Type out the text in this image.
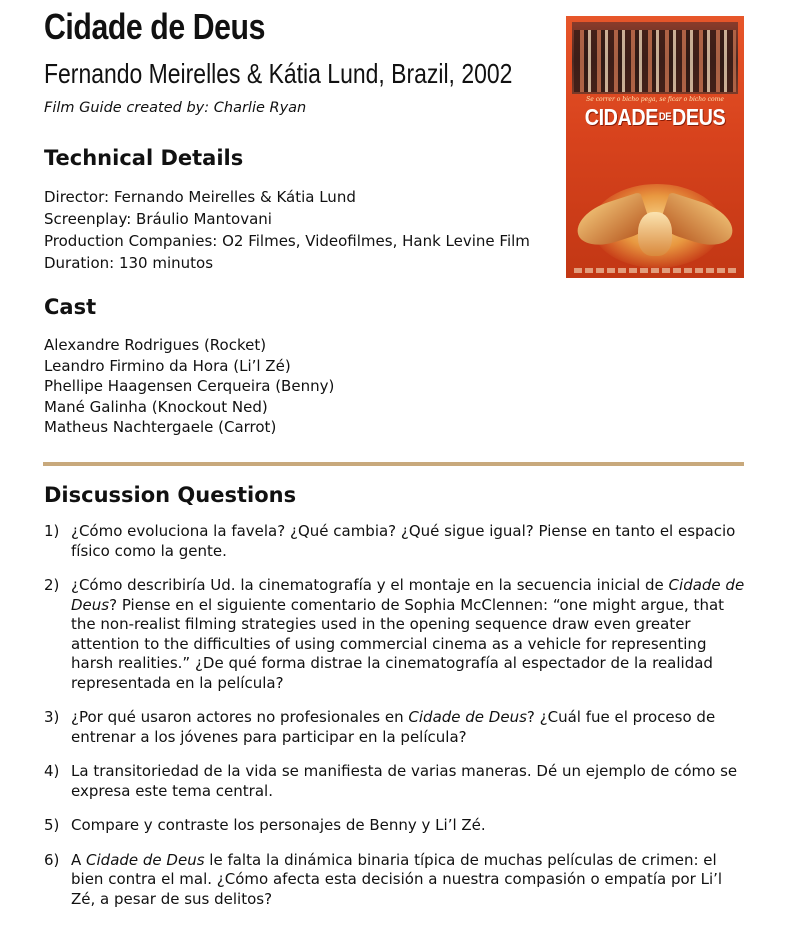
Cidade de Deus
Fernando Meirelles & Kátia Lund, Brazil, 2002
Film Guide created by: Charlie Ryan
Se correr o bicho pega, se ficar o bicho come
$CIDADE^{DE}DEUS$
Technical Details
Director: Fernando Meirelles & Kátia Lund
Screenplay: Bráulio Mantovani
Production Companies: O2 Filmes, Videofilmes, Hank Levine Film
Duration: 130 minutos
Cast
Alexandre Rodrigues (Rocket)
Leandro Firmino da Hora (Li’l Zé)
Phellipe Haagensen Cerqueira (Benny)
Mané Galinha (Knockout Ned)
Matheus Nachtergaele (Carrot)
Discussion Questions
1) ¿Cómo evoluciona la favela? ¿Qué cambia? ¿Qué sigue igual? Piense en tanto el espacio
físico como la gente.
2) ¿Cómo describiría Ud. la cinematografía y el montaje en la secuencia inicial de Cidade de
Deus? Piense en el siguiente comentario de Sophia McClennen: “one might argue, that
the non-realist filming strategies used in the opening sequence draw even greater
attention to the difficulties of using commercial cinema as a vehicle for representing
harsh realities.” ¿De qué forma distrae la cinematografía al espectador de la realidad
representada en la película?
3) ¿Por qué usaron actores no profesionales en Cidade de Deus? ¿Cuál fue el proceso de
entrenar a los jóvenes para participar en la película?
4) La transitoriedad de la vida se manifiesta de varias maneras. Dé un ejemplo de cómo se
expresa este tema central.
5) Compare y contraste los personajes de Benny y Li’l Zé.
6) A Cidade de Deus le falta la dinámica binaria típica de muchas películas de crimen: el
bien contra el mal. ¿Cómo afecta esta decisión a nuestra compasión o empatía por Li’l
Zé, a pesar de sus delitos?
